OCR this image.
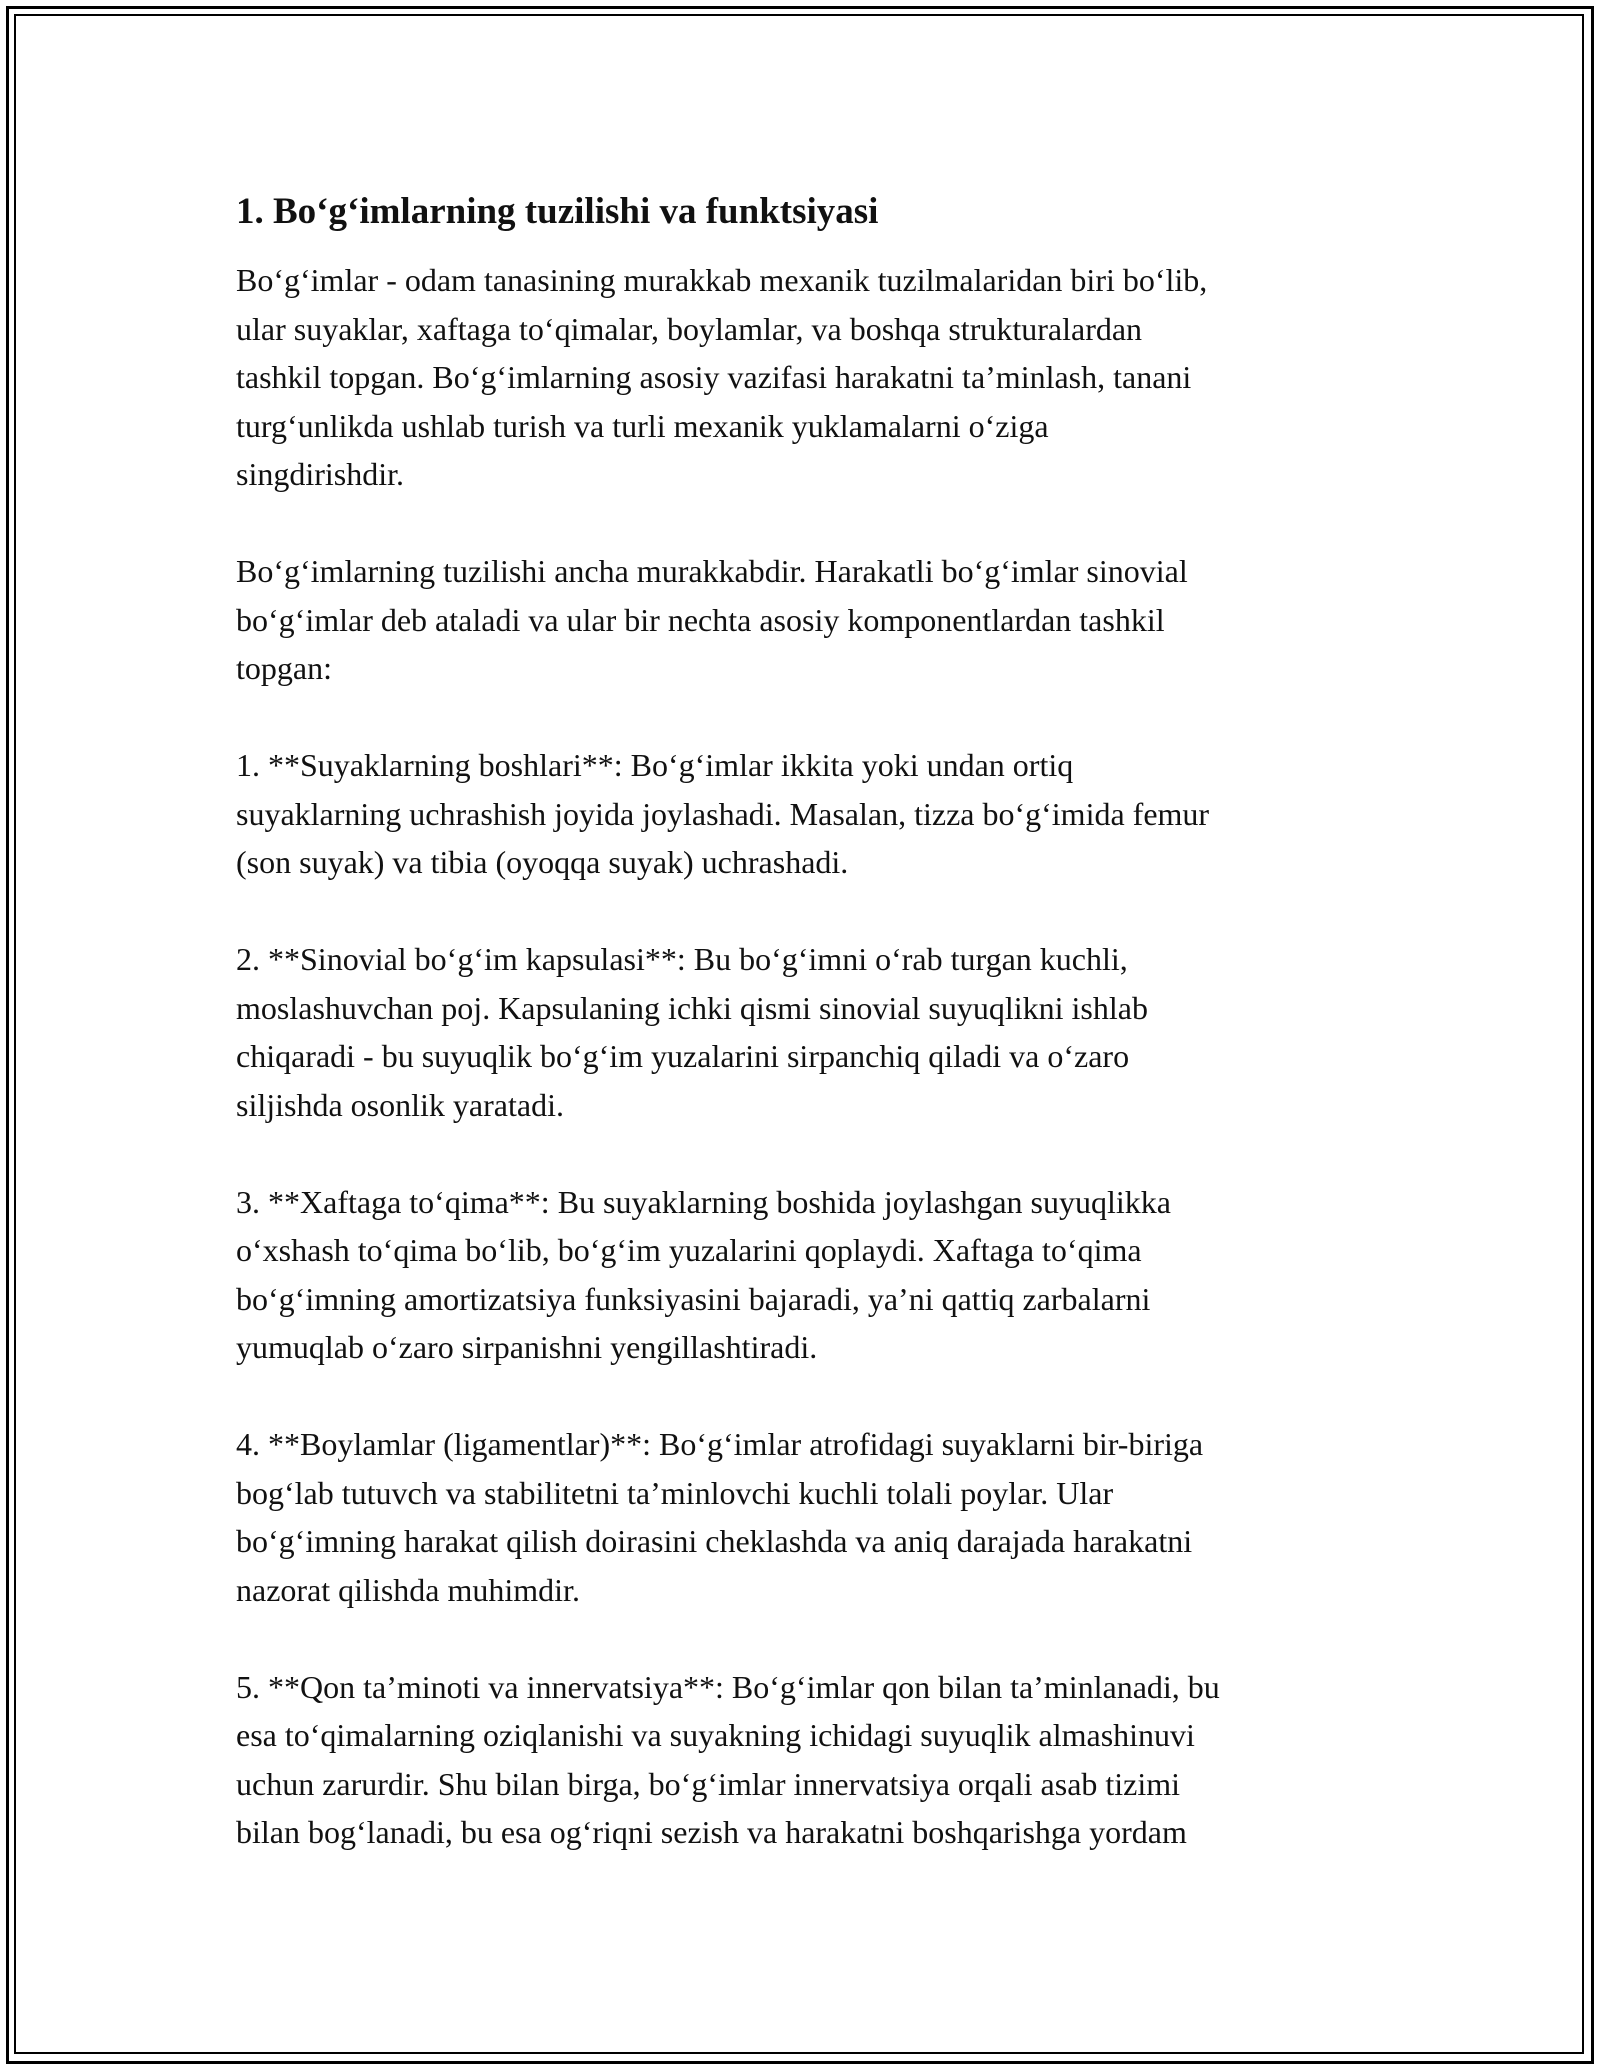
1. Bo‘g‘imlarning tuzilishi va funktsiyasi

Bo‘g‘imlar - odam tanasining murakkab mexanik tuzilmalaridan biri bo‘lib,
ular suyaklar, xaftaga to‘qimalar, boylamlar, va boshqa strukturalardan
tashkil topgan. Bo‘g‘imlarning asosiy vazifasi harakatni ta’minlash, tanani
turg‘unlikda ushlab turish va turli mexanik yuklamalarni o‘ziga
singdirishdir.

Bo‘g‘imlarning tuzilishi ancha murakkabdir. Harakatli bo‘g‘imlar sinovial
bo‘g‘imlar deb ataladi va ular bir nechta asosiy komponentlardan tashkil
topgan:

1. **Suyaklarning boshlari**: Bo‘g‘imlar ikkita yoki undan ortiq
suyaklarning uchrashish joyida joylashadi. Masalan, tizza bo‘g‘imida femur
(son suyak) va tibia (oyoqqa suyak) uchrashadi.

2. **Sinovial bo‘g‘im kapsulasi**: Bu bo‘g‘imni o‘rab turgan kuchli,
moslashuvchan poj. Kapsulaning ichki qismi sinovial suyuqlikni ishlab
chiqaradi - bu suyuqlik bo‘g‘im yuzalarini sirpanchiq qiladi va o‘zaro
siljishda osonlik yaratadi.

3. **Xaftaga to‘qima**: Bu suyaklarning boshida joylashgan suyuqlikka
o‘xshash to‘qima bo‘lib, bo‘g‘im yuzalarini qoplaydi. Xaftaga to‘qima
bo‘g‘imning amortizatsiya funksiyasini bajaradi, ya’ni qattiq zarbalarni
yumuqlab o‘zaro sirpanishni yengillashtiradi.

4. **Boylamlar (ligamentlar)**: Bo‘g‘imlar atrofidagi suyaklarni bir-biriga
bog‘lab tutuvch va stabilitetni ta’minlovchi kuchli tolali poylar. Ular
bo‘g‘imning harakat qilish doirasini cheklashda va aniq darajada harakatni
nazorat qilishda muhimdir.

5. **Qon ta’minoti va innervatsiya**: Bo‘g‘imlar qon bilan ta’minlanadi, bu
esa to‘qimalarning oziqlanishi va suyakning ichidagi suyuqlik almashinuvi
uchun zarurdir. Shu bilan birga, bo‘g‘imlar innervatsiya orqali asab tizimi
bilan bog‘lanadi, bu esa og‘riqni sezish va harakatni boshqarishga yordam
